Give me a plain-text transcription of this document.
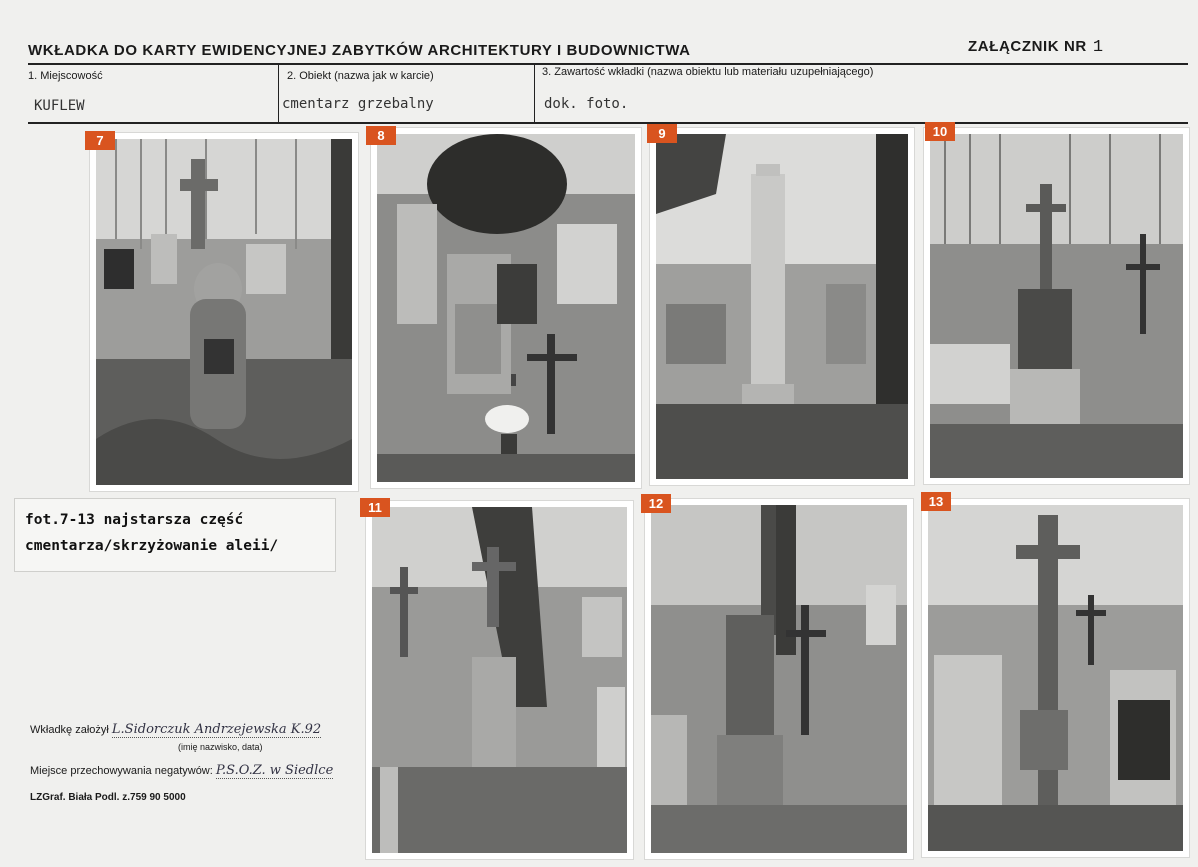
WKŁADKA DO KARTY EWIDENCYJNEJ ZABYTKÓW ARCHITEKTURY I BUDOWNICTWA	ZAŁĄCZNIK NR 1
1. Miejscowość
KUFLEW
2. Obiekt (nazwa jak w karcie)
cmentarz grzebalny
3. Zawartość wkładki (nazwa obiektu lub materiału uzupełniającego)
dok. foto.
7	8	9	10
11	12	13
fot.7-13 najstarsza część
cmentarza/skrzyżowanie aleii/
Wkładkę założył L.Sidorczuk Andrzejewska K.92
(imię nazwisko, data)
Miejsce przechowywania negatywów: P.S.O.Z. w Siedlce
LZGraf. Biała Podl. z.759 90 5000
